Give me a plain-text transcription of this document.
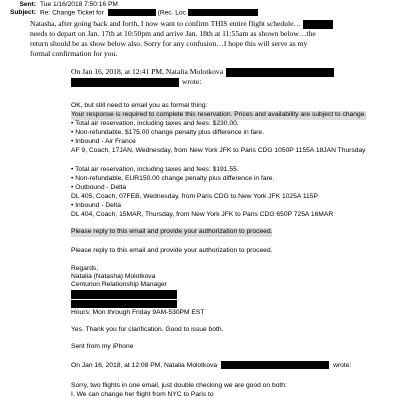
Sent: Tue 1/16/2018 7:50:16 PM
Subject: Re: Change Ticket for	(Rec. Loc
Natasha, after going back and forth, I now want to confirm THIS entire flight schedule…
needs to depart on Jan. 17th at 10:50pm and arrive Jan. 18th at 11:55am as shown below…the
return should be as show below also. Sorry for any confusion…I hope this will serve as my
formal confirmation for you.
On Jan 16, 2018, at 12:41 PM, Natalia Molotkova
wrote:
OK, but still need to email you as formal thing:
Your response is required to complete this reservation. Prices and availability are subject to change.
• Total air reservation, including taxes and fees: $230.00.
• Non-refundable, $175.00 change penalty plus difference in fare.
• Inbound - Air France
AF 9, Coach, 17JAN, Wednesday, from New York JFK to Paris CDG 1050P 1155A 18JAN Thursday
• Total air reservation, including taxes and fees: $191.55.
• Non-refundable, EUR150.00 change penalty plus difference in fare.
• Outbound - Delta
DL 405, Coach, 07FEB, Wednesday, from Paris CDG to New York JFK 1025A 115P
• Inbound - Delta
DL 404, Coach, 15MAR, Thursday, from New York JFK to Paris CDG 650P 725A 16MAR
Please reply to this email and provide your authorization to proceed.
Please reply to this email and provide your authorization to proceed.
Regards,
Natalia (Natasha) Molotkova
Centurion Relationship Manager
Hours: Mon through Friday 9AM-530PM EST
Yes. Thank you for clarification. Good to issue both.
Sent from my iPhone
On Jan 16, 2018, at 12:08 PM, Natalia Molotkova	wrote:
Sorry, two flights in one email, just double checking we are good on both:
I. We can change her flight from NYC to Paris to
